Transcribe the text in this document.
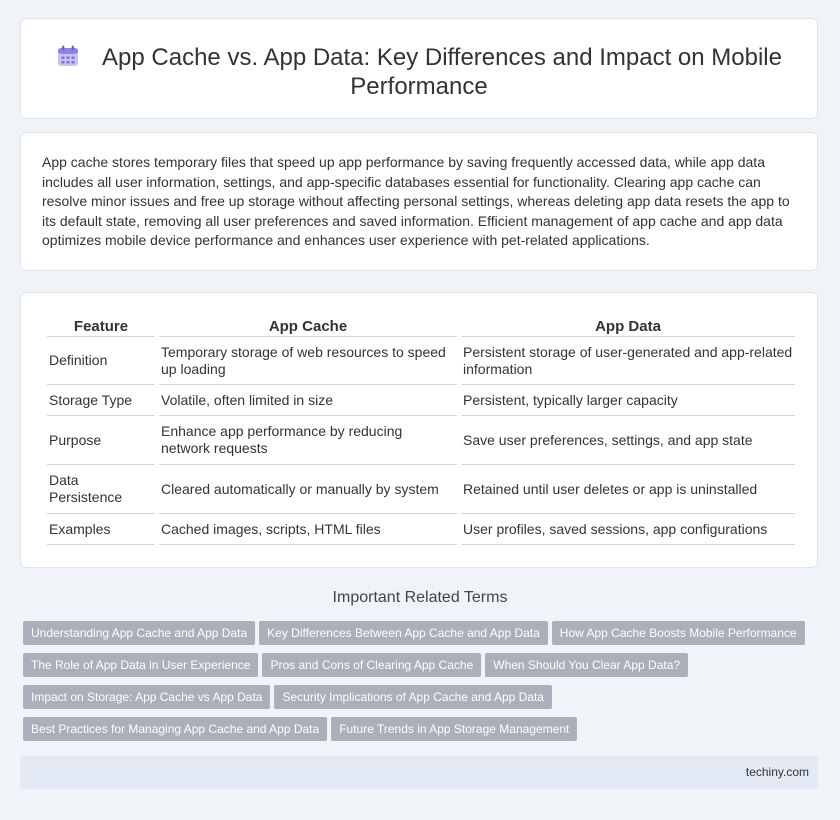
App Cache vs. App Data: Key Differences and Impact on Mobile
Performance
App cache stores temporary files that speed up app performance by saving frequently accessed data, while app data includes all user information, settings, and app-specific databases essential for functionality. Clearing app cache can resolve minor issues and free up storage without affecting personal settings, whereas deleting app data resets the app to its default state, removing all user preferences and saved information. Efficient management of app cache and app data optimizes mobile device performance and enhances user experience with pet-related applications.
Feature	App Cache	App Data
Definition	Temporary storage of web resources to speed up loading	Persistent storage of user-generated and app-related information
Storage Type	Volatile, often limited in size	Persistent, typically larger capacity
Purpose	Enhance app performance by reducing network requests	Save user preferences, settings, and app state
Data Persistence	Cleared automatically or manually by system	Retained until user deletes or app is uninstalled
Examples	Cached images, scripts, HTML files	User profiles, saved sessions, app configurations
Important Related Terms
Understanding App Cache and App Data Key Differences Between App Cache and App Data How App Cache Boosts Mobile Performance
The Role of App Data in User Experience Pros and Cons of Clearing App Cache When Should You Clear App Data?
Impact on Storage: App Cache vs App Data Security Implications of App Cache and App Data
Best Practices for Managing App Cache and App Data Future Trends in App Storage Management
techiny.com
